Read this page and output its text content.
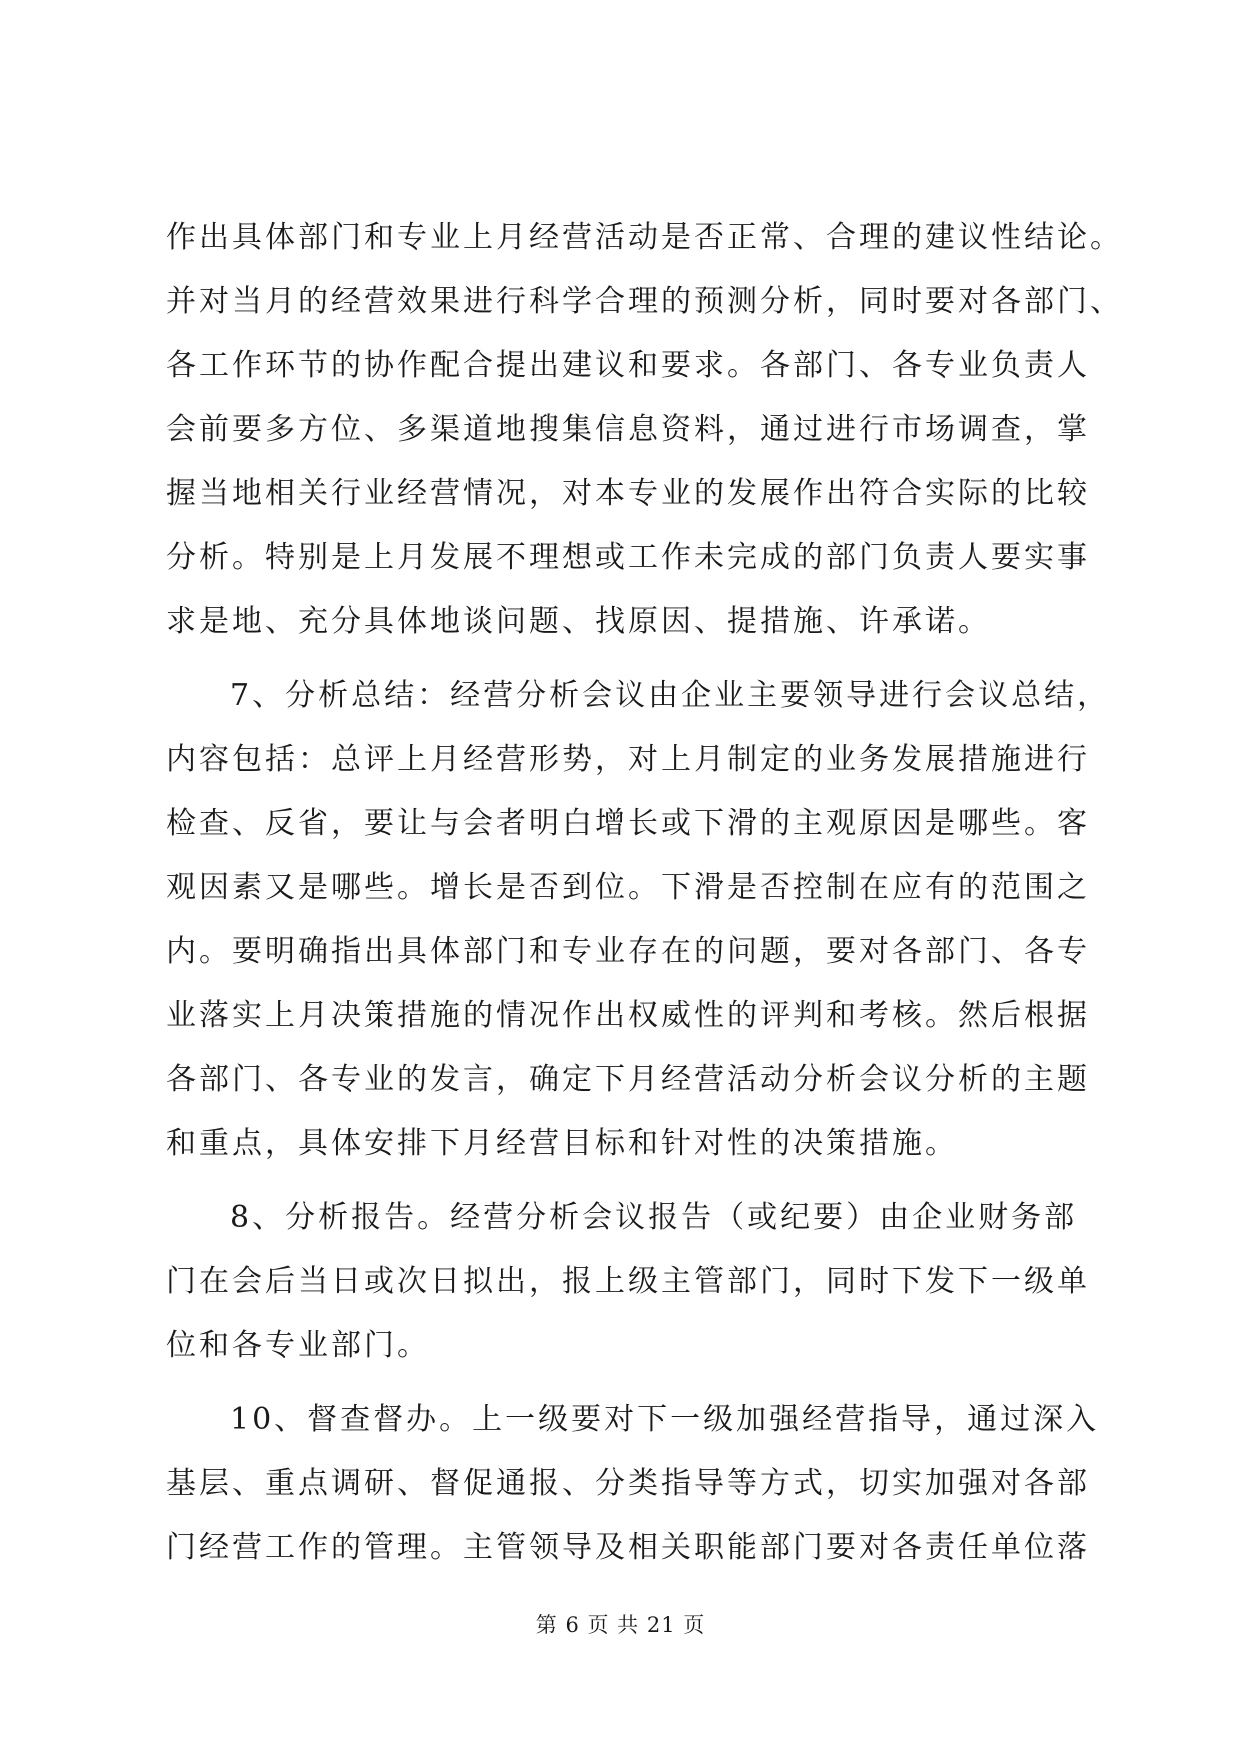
作出具体部门和专业上月经营活动是否正常、合理的建议性结论。
并对当月的经营效果进行科学合理的预测分析，同时要对各部门、
各工作环节的协作配合提出建议和要求。各部门、各专业负责人
会前要多方位、多渠道地搜集信息资料，通过进行市场调查，掌
握当地相关行业经营情况，对本专业的发展作出符合实际的比较
分析。特别是上月发展不理想或工作未完成的部门负责人要实事
求是地、充分具体地谈问题、找原因、提措施、许承诺。
7、分析总结：经营分析会议由企业主要领导进行会议总结，
内容包括：总评上月经营形势，对上月制定的业务发展措施进行
检查、反省，要让与会者明白增长或下滑的主观原因是哪些。客
观因素又是哪些。增长是否到位。下滑是否控制在应有的范围之
内。要明确指出具体部门和专业存在的问题，要对各部门、各专
业落实上月决策措施的情况作出权威性的评判和考核。然后根据
各部门、各专业的发言，确定下月经营活动分析会议分析的主题
和重点，具体安排下月经营目标和针对性的决策措施。
8、分析报告。经营分析会议报告（或纪要）由企业财务部
门在会后当日或次日拟出，报上级主管部门，同时下发下一级单
位和各专业部门。
10、督查督办。上一级要对下一级加强经营指导，通过深入
基层、重点调研、督促通报、分类指导等方式，切实加强对各部
门经营工作的管理。主管领导及相关职能部门要对各责任单位落
第 6 页 共 21 页
